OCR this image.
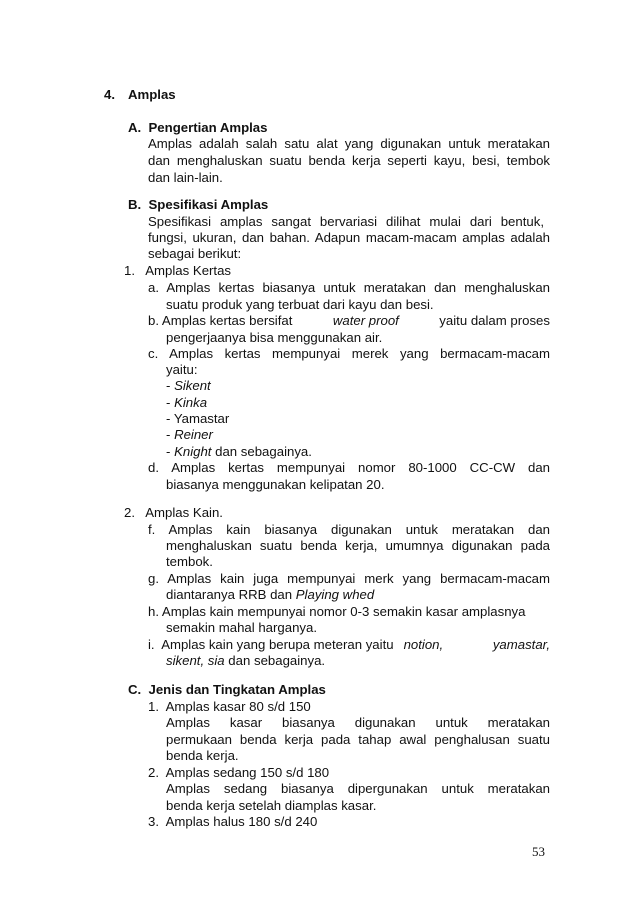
4. Amplas
A.  Pengertian Amplas
Amplas adalah salah satu alat yang digunakan untuk meratakan
dan menghaluskan suatu benda kerja seperti kayu, besi, tembok
dan lain-lain.
B.  Spesifikasi Amplas
Spesifikasi amplas sangat bervariasi dilihat mulai dari bentuk,
fungsi, ukuran, dan bahan. Adapun macam-macam amplas adalah
sebagai berikut:
1.   Amplas Kertas
a. Amplas kertas biasanya untuk meratakan dan menghaluskan
suatu produk yang terbuat dari kayu dan besi.
b. Amplas kertas bersifat	water proof	yaitu dalam proses
pengerjaanya bisa menggunakan air.
c. Amplas kertas mempunyai merek yang bermacam-macam
yaitu:
- Sikent
- Kinka
- Yamastar
- Reiner
- Knight dan sebagainya.
d. Amplas kertas mempunyai nomor 80-1000 CC-CW dan
biasanya menggunakan kelipatan 20.
2.   Amplas Kain.
f. Amplas kain biasanya digunakan untuk meratakan dan
menghaluskan suatu benda kerja, umumnya digunakan pada
tembok.
g. Amplas kain juga mempunyai merk yang bermacam-macam
diantaranya RRB dan Playing whed
h. Amplas kain mempunyai nomor 0-3 semakin kasar amplasnya
semakin mahal harganya.
i.  Amplas kain yang berupa meteran yaitu notion,	yamastar,
sikent, sia dan sebagainya.
C.  Jenis dan Tingkatan Amplas
1.  Amplas kasar 80 s/d 150
Amplas kasar biasanya digunakan untuk meratakan
permukaan benda kerja pada tahap awal penghalusan suatu
benda kerja.
2.  Amplas sedang 150 s/d 180
Amplas sedang biasanya dipergunakan untuk meratakan
benda kerja setelah diamplas kasar.
3.  Amplas halus 180 s/d 240
53
